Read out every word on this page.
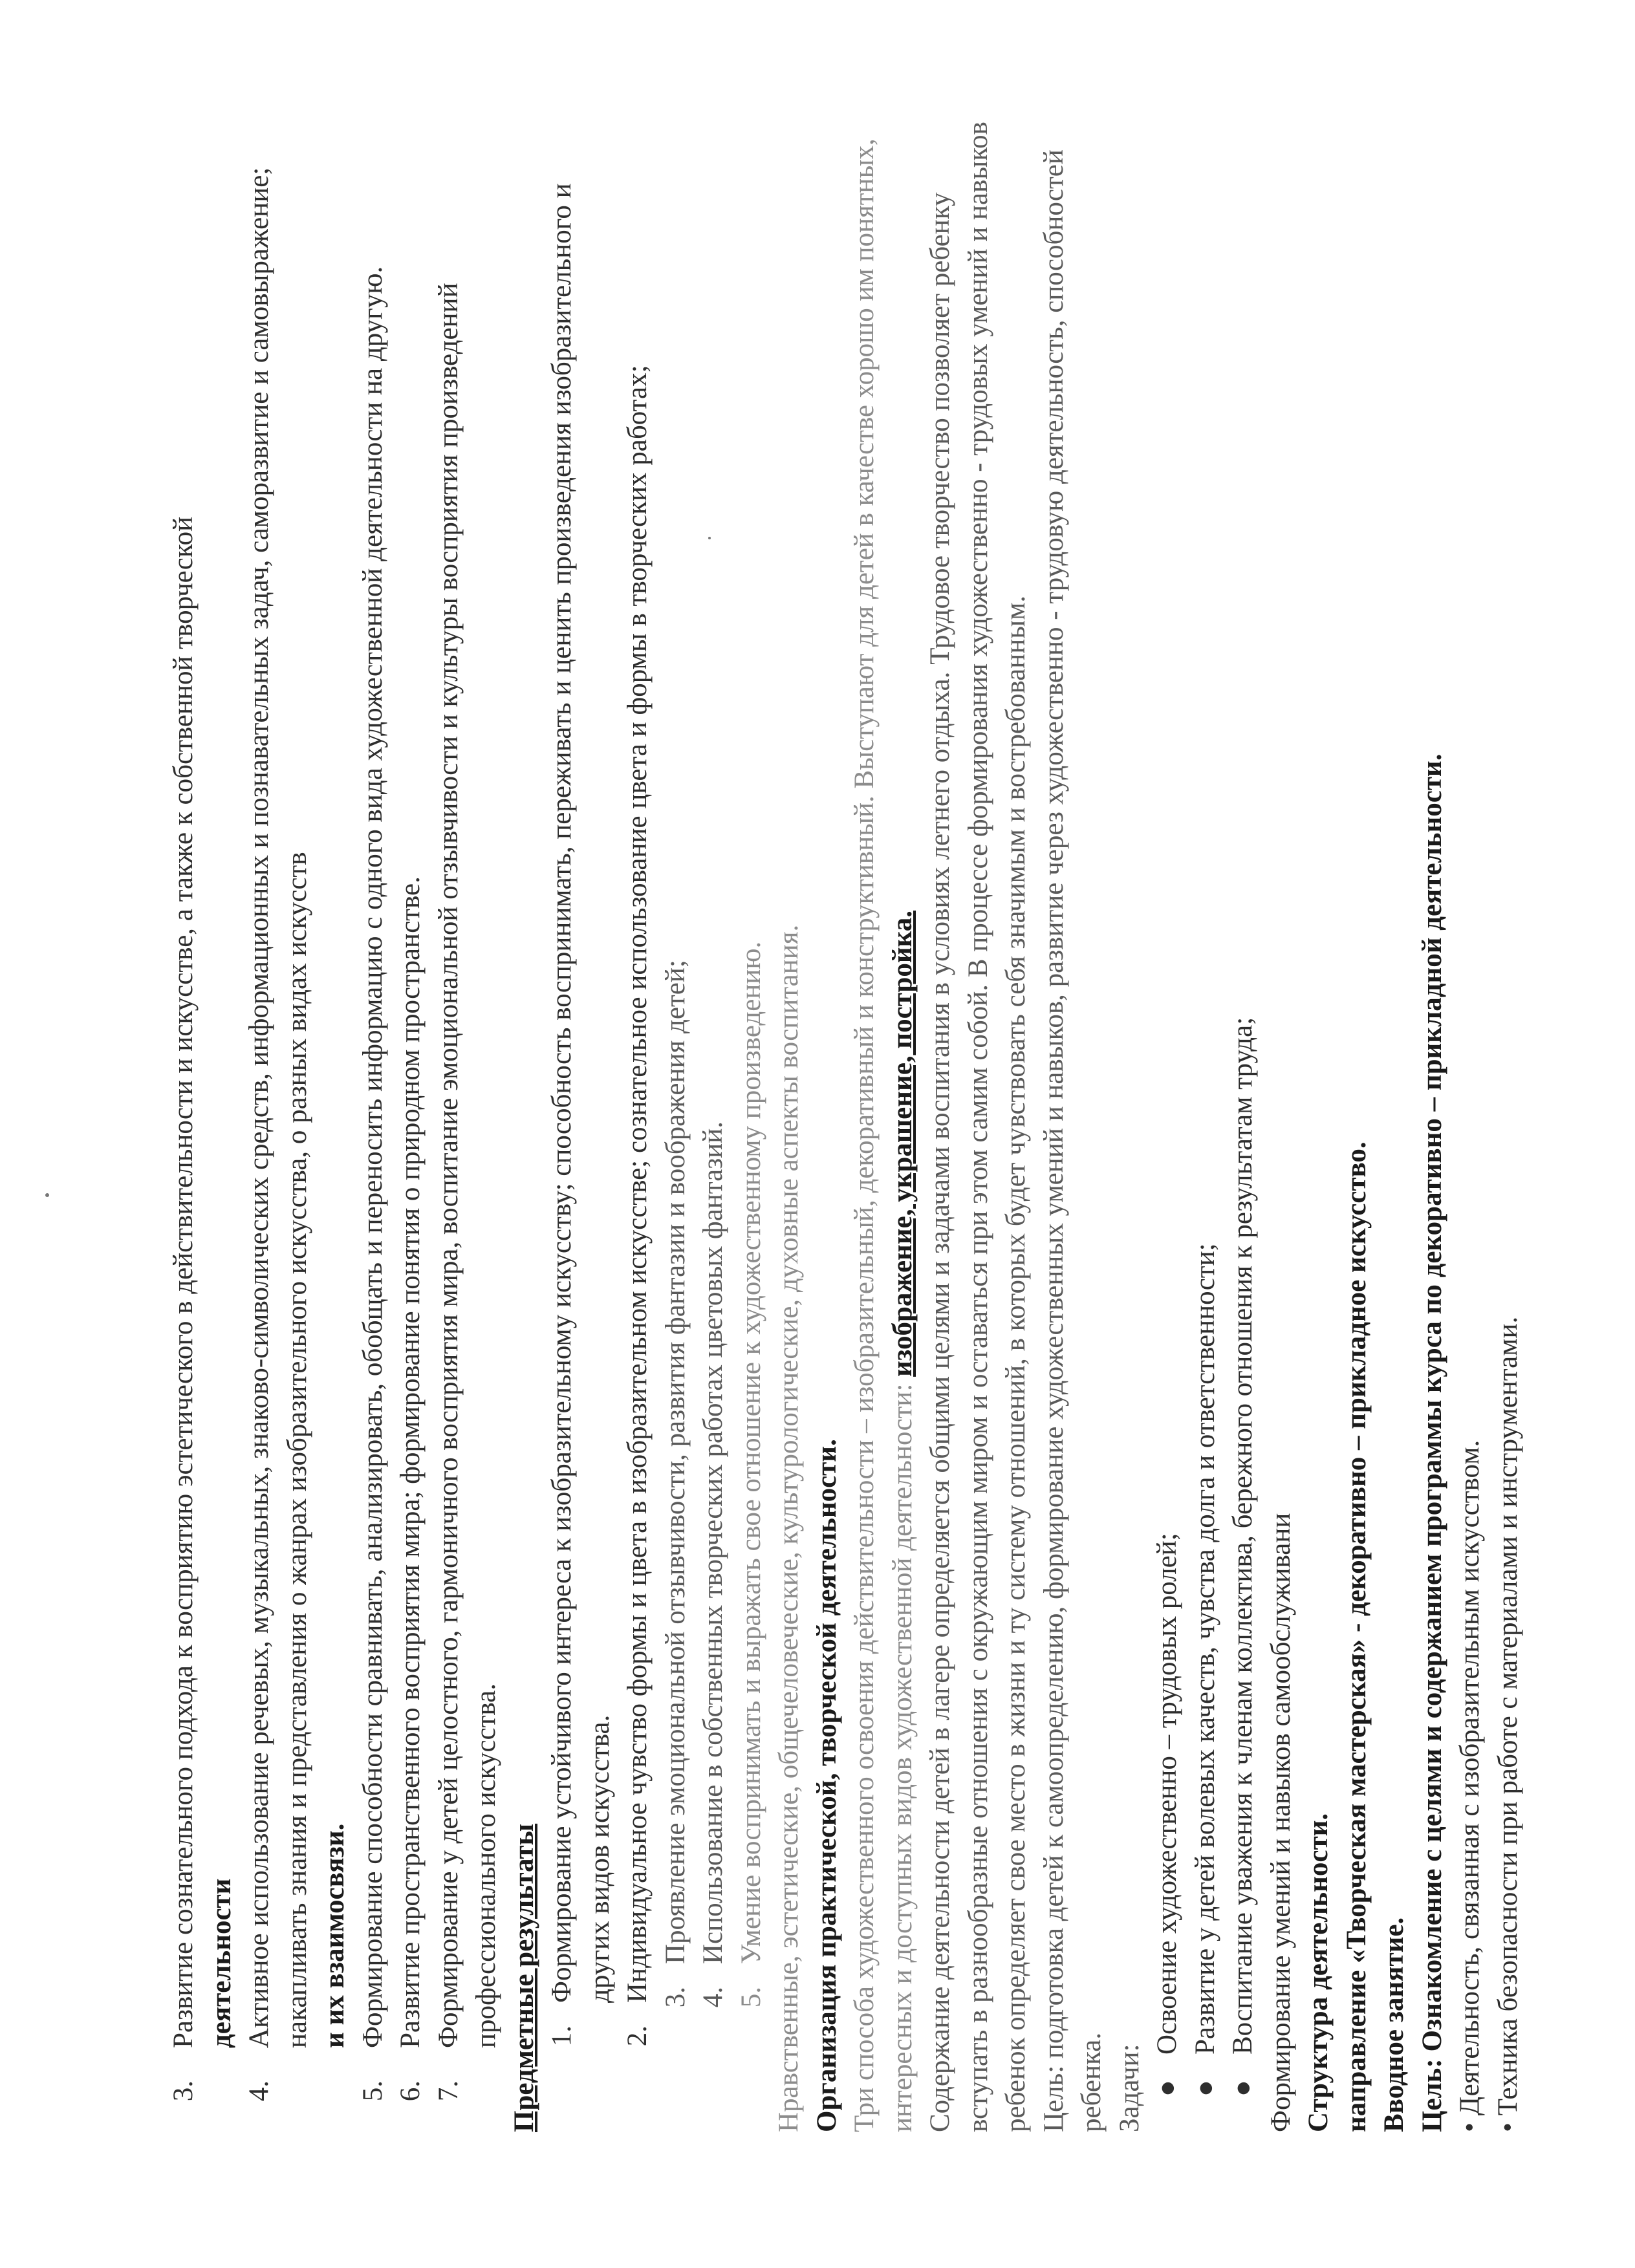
3.
Развитие сознательного подхода к восприятию эстетического в действительности и искусстве, а также к собственной творческой деятельности
4.
Активное использование речевых, музыкальных, знаково-символических средств, информационных и познавательных задач, саморазвитие и самовыражение; накапливать знания и представления о жанрах изобразительного искусства, о разных видах искусств и их взаимосвязи.
5.
Формирование способности сравнивать, анализировать, обобщать и переносить информацию с одного вида художественной деятельности на другую.
6.
Развитие пространственного восприятия мира; формирование понятия о природном пространстве.
7.
Формирование у детей целостного, гармоничного восприятия мира, воспитание эмоциональной отзывчивости и культуры восприятия произведений профессионального искусства. Предметные результаты 1.
Формирование устойчивого интереса к изобразительному искусству; способность воспринимать, переживать и ценить произведения изобразительного и других видов искусства.
2.
Индивидуальное чувство формы и цвета в изобразительном искусстве; сознательное использование цвета и формы в творческих работах; 3.
Проявление эмоциональной отзывчивости, развития фантазии и воображения детей;
4.
Использование в собственных творческих работах цветовых фантазий.
5.
Умение воспринимать и выражать свое отношение к художественному произведению. Нравственные, эстетические, общечеловеческие, культурологические, духовные аспекты воспитания. Организация практической, творческой деятельности. Три способа художественного освоения действительности – изобразительный, декоративный и конструктивный. Выступают для детей в качестве хорошо им понятных, интересных и доступных видов художественной деятельности: изображение, украшение, постройка. Содержание деятельности детей в лагере определяется общими целями и задачами воспитания в условиях летнего отдыха. Трудовое творчество позволяет ребенку вступать в разнообразные отношения с окружающим миром и оставаться при этом самим собой. В процессе формирования художественно - трудовых умений и навыков ребенок определяет свое место в жизни и ту систему отношений, в которых будет чувствовать себя значимым и востребованным. Цель: подготовка детей к самоопределению, формирование художественных умений и навыков, развитие через художественно - трудовую деятельность, способностей ребенка. Задачи: ●
Освоение художественно – трудовых ролей;
●
Развитие у детей волевых качеств, чувства долга и ответственности;
●
Воспитание уважения к членам коллектива, бережного отношения к результатам труда; Формирование умений и навыков самообслуживани Структура деятельности. направление «Творческая мастерская» - декоративно – прикладное искусство. Вводное занятие. Цель: Ознакомление с целями и содержанием программы курса по декоративно – прикладной деятельности. • Деятельность, связанная с изобразительным искусством. • Техника безопасности при работе с материалами и инструментами.
